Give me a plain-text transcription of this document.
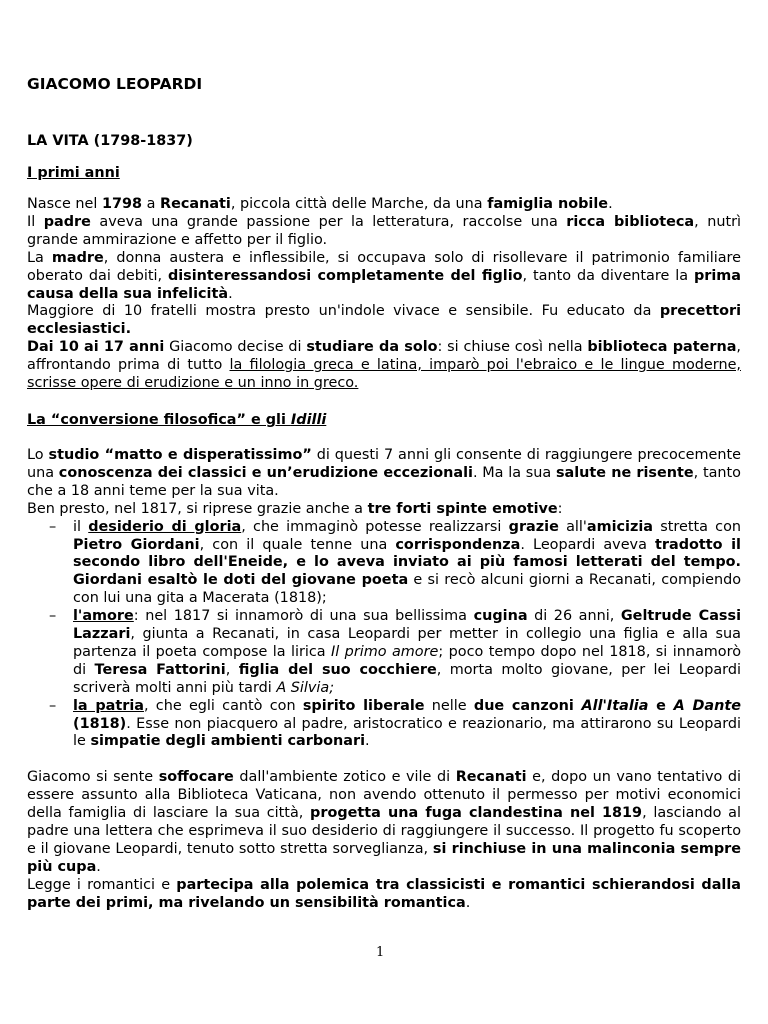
GIACOMO LEOPARDI
LA VITA (1798-1837)
I primi anni

Nasce nel 1798 a Recanati, piccola città delle Marche, da una famiglia nobile.

Il padre aveva una grande passione per la letteratura, raccolse una ricca biblioteca, nutrì grande ammirazione e affetto per il figlio.

La madre, donna austera e inflessibile, si occupava solo di risollevare il patrimonio familiare oberato dai debiti, disinteressandosi completamente del figlio, tanto da diventare la prima causa della sua infelicità.

Maggiore di 10 fratelli mostra presto un'indole vivace e sensibile. Fu educato da precettori ecclesiastici.

Dai 10 ai 17 anni Giacomo decise di studiare da solo: si chiuse così nella biblioteca paterna, affrontando prima di tutto la filologia greca e latina, imparò poi l'ebraico e le lingue moderne, scrisse opere di erudizione e un inno in greco.

La “conversione filosofica” e gli Idilli

Lo studio “matto e disperatissimo” di questi 7 anni gli consente di raggiungere precocemente una conoscenza dei classici e un’erudizione eccezionali. Ma la sua salute ne risente, tanto che a 18 anni teme per la sua vita.

Ben presto, nel 1817, si riprese grazie anche a tre forti spinte emotive:

– il desiderio di gloria, che immaginò potesse realizzarsi grazie all'amicizia stretta con Pietro Giordani, con il quale tenne una corrispondenza. Leopardi aveva tradotto il secondo libro dell'Eneide, e lo aveva inviato ai più famosi letterati del tempo. Giordani esaltò le doti del giovane poeta e si recò alcuni giorni a Recanati, compiendo con lui una gita a Macerata (1818);
– l'amore: nel 1817 si innamorò di una sua bellissima cugina di 26 anni, Geltrude Cassi Lazzari, giunta a Recanati, in casa Leopardi per metter in collegio una figlia e alla sua partenza il poeta compose la lirica Il primo amore; poco tempo dopo nel 1818, si innamorò di Teresa Fattorini, figlia del suo cocchiere, morta molto giovane, per lei Leopardi scriverà molti anni più tardi A Silvia;
– la patria, che egli cantò con spirito liberale nelle due canzoni All'Italia e A Dante (1818). Esse non piacquero al padre, aristocratico e reazionario, ma attirarono su Leopardi le simpatie degli ambienti carbonari.

Giacomo si sente soffocare dall'ambiente zotico e vile di Recanati e, dopo un vano tentativo di essere assunto alla Biblioteca Vaticana, non avendo ottenuto il permesso per motivi economici della famiglia di lasciare la sua città, progetta una fuga clandestina nel 1819, lasciando al padre una lettera che esprimeva il suo desiderio di raggiungere il successo. Il progetto fu scoperto e il giovane Leopardi, tenuto sotto stretta sorveglianza, si rinchiuse in una malinconia sempre più cupa.

Legge i romantici e partecipa alla polemica tra classicisti e romantici schierandosi dalla parte dei primi, ma rivelando un sensibilità romantica.

1
